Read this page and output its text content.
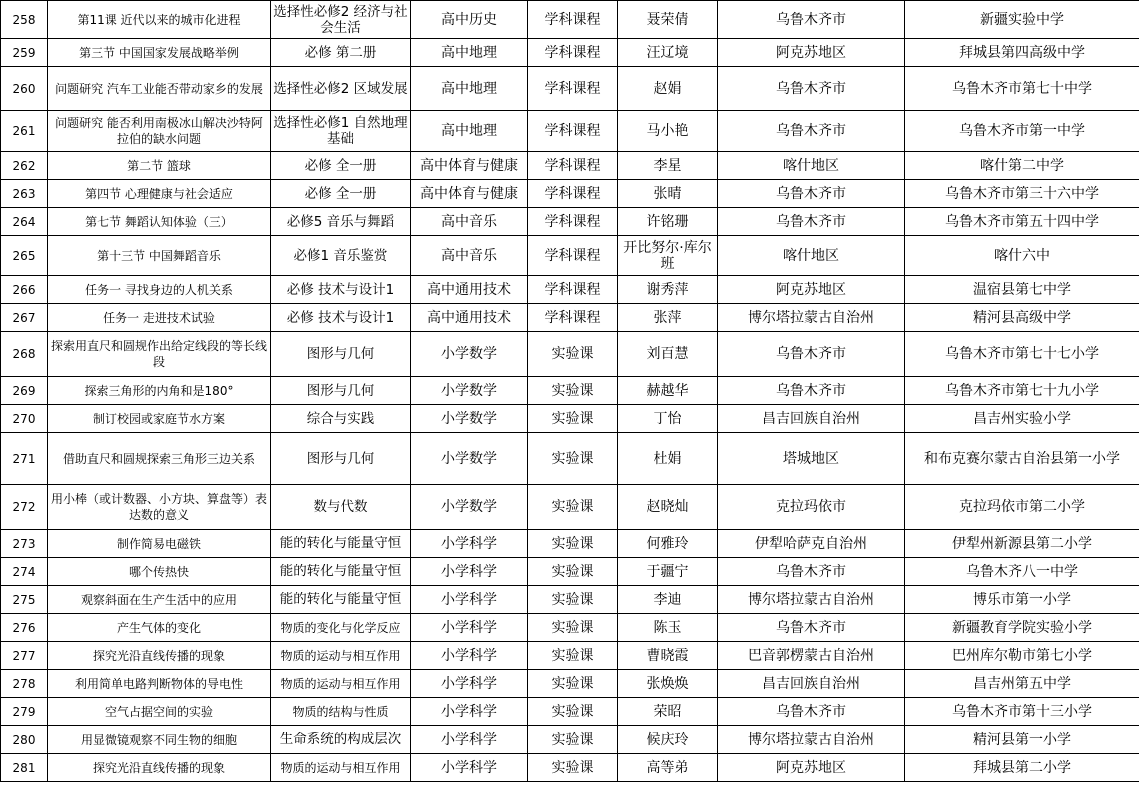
258	第11课 近代以来的城市化进程	选择性必修2 经济与社会生活	高中历史	学科课程	聂荣倩	乌鲁木齐市	新疆实验中学
259	第三节 中国国家发展战略举例	必修 第二册	高中地理	学科课程	汪辽境	阿克苏地区	拜城县第四高级中学
260	问题研究 汽车工业能否带动家乡的发展	选择性必修2 区域发展	高中地理	学科课程	赵娟	乌鲁木齐市	乌鲁木齐市第七十中学
261	问题研究 能否利用南极冰山解决沙特阿拉伯的缺水问题	选择性必修1 自然地理基础	高中地理	学科课程	马小艳	乌鲁木齐市	乌鲁木齐市第一中学
262	第二节 篮球	必修 全一册	高中体育与健康	学科课程	李星	喀什地区	喀什第二中学
263	第四节 心理健康与社会适应	必修 全一册	高中体育与健康	学科课程	张晴	乌鲁木齐市	乌鲁木齐市第三十六中学
264	第七节 舞蹈认知体验（三）	必修5 音乐与舞蹈	高中音乐	学科课程	许铭珊	乌鲁木齐市	乌鲁木齐市第五十四中学
265	第十三节 中国舞蹈音乐	必修1 音乐鉴赏	高中音乐	学科课程	开比努尔·库尔班	喀什地区	喀什六中
266	任务一 寻找身边的人机关系	必修 技术与设计1	高中通用技术	学科课程	谢秀萍	阿克苏地区	温宿县第七中学
267	任务一 走进技术试验	必修 技术与设计1	高中通用技术	学科课程	张萍	博尔塔拉蒙古自治州	精河县高级中学
268	探索用直尺和圆规作出给定线段的等长线段	图形与几何	小学数学	实验课	刘百慧	乌鲁木齐市	乌鲁木齐市第七十七小学
269	探索三角形的内角和是180°	图形与几何	小学数学	实验课	赫越华	乌鲁木齐市	乌鲁木齐市第七十九小学
270	制订校园或家庭节水方案	综合与实践	小学数学	实验课	丁怡	昌吉回族自治州	昌吉州实验小学
271	借助直尺和圆规探索三角形三边关系	图形与几何	小学数学	实验课	杜娟	塔城地区	和布克赛尔蒙古自治县第一小学
272	用小棒（或计数器、小方块、算盘等）表达数的意义	数与代数	小学数学	实验课	赵晓灿	克拉玛依市	克拉玛依市第二小学
273	制作简易电磁铁	能的转化与能量守恒	小学科学	实验课	何雅玲	伊犁哈萨克自治州	伊犁州新源县第二小学
274	哪个传热快	能的转化与能量守恒	小学科学	实验课	于疆宁	乌鲁木齐市	乌鲁木齐八一中学
275	观察斜面在生产生活中的应用	能的转化与能量守恒	小学科学	实验课	李迪	博尔塔拉蒙古自治州	博乐市第一小学
276	产生气体的变化	物质的变化与化学反应	小学科学	实验课	陈玉	乌鲁木齐市	新疆教育学院实验小学
277	探究光沿直线传播的现象	物质的运动与相互作用	小学科学	实验课	曹晓霞	巴音郭楞蒙古自治州	巴州库尔勒市第七小学
278	利用简单电路判断物体的导电性	物质的运动与相互作用	小学科学	实验课	张焕焕	昌吉回族自治州	昌吉州第五中学
279	空气占据空间的实验	物质的结构与性质	小学科学	实验课	荣昭	乌鲁木齐市	乌鲁木齐市第十三小学
280	用显微镜观察不同生物的细胞	生命系统的构成层次	小学科学	实验课	候庆玲	博尔塔拉蒙古自治州	精河县第一小学
281	探究光沿直线传播的现象	物质的运动与相互作用	小学科学	实验课	高等弟	阿克苏地区	拜城县第二小学
